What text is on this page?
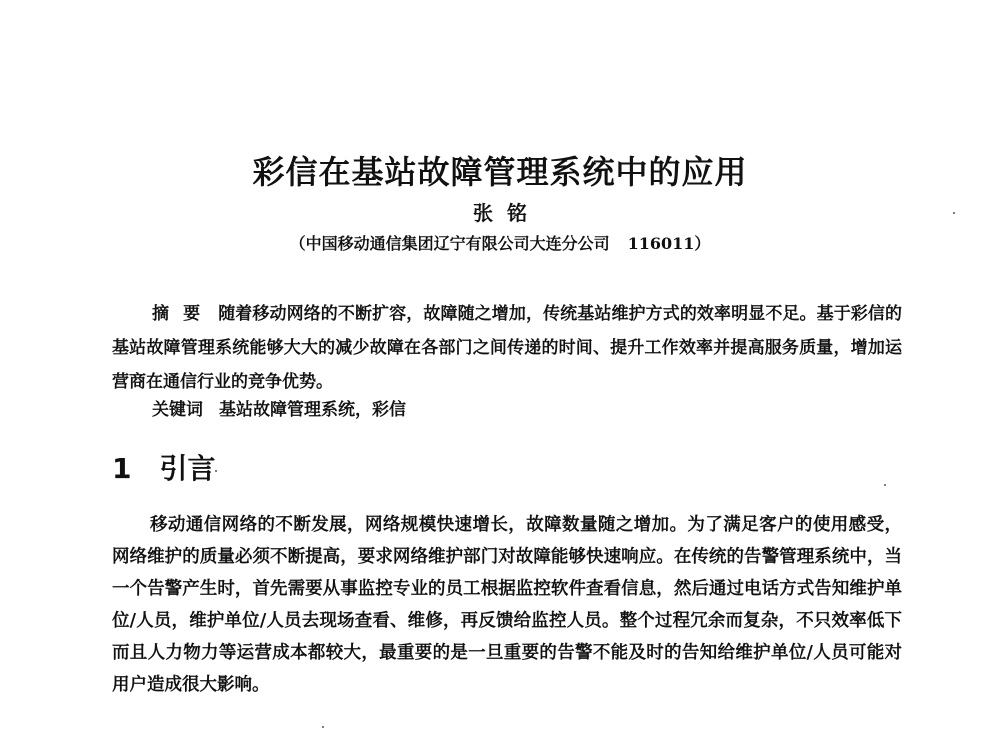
彩信在基站故障管理系统中的应用
张铭
（中国移动通信集团辽宁有限公司大连分公司 116011）
摘要 随着移动网络的不断扩容，故障随之增加，传统基站维护方式的效率明显不足。基于彩信的基站故障管理系统能够大大的减少故障在各部门之间传递的时间、提升工作效率并提高服务质量，增加运营商在通信行业的竞争优势。
关键词 基站故障管理系统，彩信
1 引言
移动通信网络的不断发展，网络规模快速增长，故障数量随之增加。为了满足客户的使用感受，网络维护的质量必须不断提高，要求网络维护部门对故障能够快速响应。在传统的告警管理系统中，当一个告警产生时，首先需要从事监控专业的员工根据监控软件查看信息，然后通过电话方式告知维护单位/人员，维护单位/人员去现场查看、维修，再反馈给监控人员。整个过程冗余而复杂，不只效率低下而且人力物力等运营成本都较大，最重要的是一旦重要的告警不能及时的告知给维护单位/人员可能对用户造成很大影响。
